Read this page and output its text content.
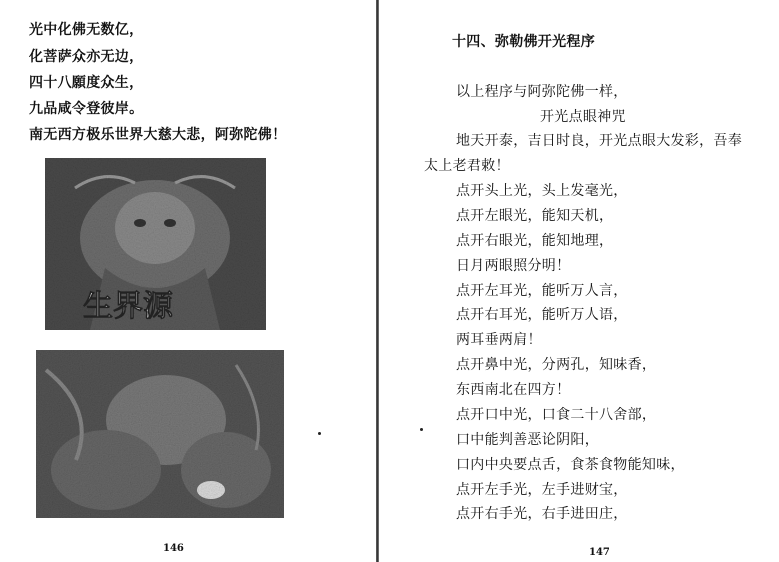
光中化佛无数亿，
化菩萨众亦无边，
四十八願度众生，
九品咸令登彼岸。
南无西方极乐世界大慈大悲，阿弥陀佛！
生界源
146
十四、弥勒佛开光程序
以上程序与阿弥陀佛一样，
开光点眼神咒
地天开泰，吉日时良，开光点眼大发彩，吾奉
太上老君敕！
点开头上光，头上发毫光，
点开左眼光，能知天机，
点开右眼光，能知地理，
日月两眼照分明！
点开左耳光，能听万人言，
点开右耳光，能听万人语，
两耳垂两肩！
点开鼻中光，分两孔，知味香，
东西南北在四方！
点开口中光，口食二十八舍部，
口中能判善恶论阴阳，
口内中央要点舌，食茶食物能知味，
点开左手光，左手进财宝，
点开右手光，右手进田庄，
147
